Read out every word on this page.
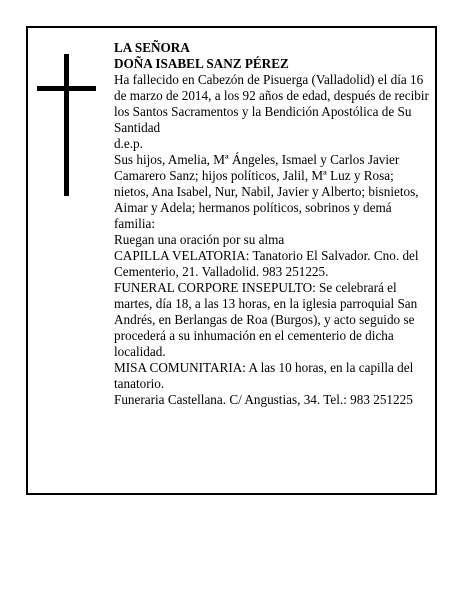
LA SEÑORA

DOÑA ISABEL SANZ PÉREZ

Ha fallecido en Cabezón de Pisuerga (Valladolid) el día 16 de marzo de 2014, a los 92 años de edad, después de recibir los Santos Sacramentos y la Bendición Apostólica de Su Santidad

d.e.p.

Sus hijos, Amelia, Mª Ángeles, Ismael y Carlos Javier Camarero Sanz; hijos políticos, Jalil, Mª Luz y Rosa; nietos, Ana Isabel, Nur, Nabil, Javier y Alberto; bisnietos, Aimar y Adela; hermanos políticos, sobrinos y demá familia:

Ruegan una oración por su alma

CAPILLA VELATORIA: Tanatorio El Salvador. Cno. del Cementerio, 21. Valladolid. 983 251225.

FUNERAL CORPORE INSEPULTO: Se celebrará el martes, día 18, a las 13 horas, en la iglesia parroquial San Andrés, en Berlangas de Roa (Burgos), y acto seguido se procederá a su inhumación en el cementerio de dicha localidad.

MISA COMUNITARIA: A las 10 horas, en la capilla del tanatorio.

Funeraria Castellana. C/ Angustias, 34. Tel.: 983 251225
